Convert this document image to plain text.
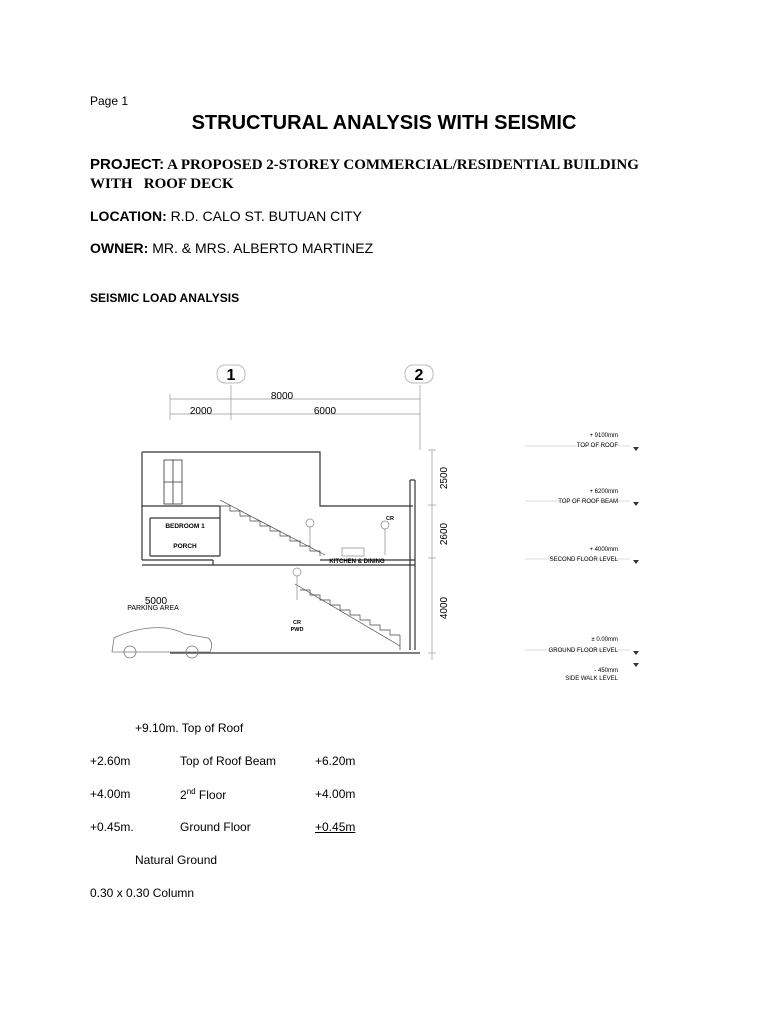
Page 1
STRUCTURAL ANALYSIS WITH SEISMIC
PROJECT: A PROPOSED 2-STOREY COMMERCIAL/RESIDENTIAL BUILDING
WITH   ROOF DECK
LOCATION: R.D. CALO ST. BUTUAN CITY
OWNER: MR. & MRS. ALBERTO MARTINEZ
SEISMIC LOAD ANALYSIS
1	2
8000
2000	6000
BEDROOM 1
PORCH
CR
KITCHEN & DINING
CR
PWD
5000
PARKING AREA
2500
2600
4000
+ 9100mm
TOP OF ROOF
+ 6200mm
TOP OF ROOF BEAM
+ 4000mm
SECOND FLOOR LEVEL
± 0.00mm
GROUND FLOOR LEVEL
- 450mm
SIDE WALK LEVEL
+9.10m. Top of Roof
+2.60m	Top of Roof Beam	+6.20m
+4.00m	2nd Floor	+4.00m
+0.45m.	Ground Floor	+0.45m
Natural Ground
0.30 x 0.30 Column
